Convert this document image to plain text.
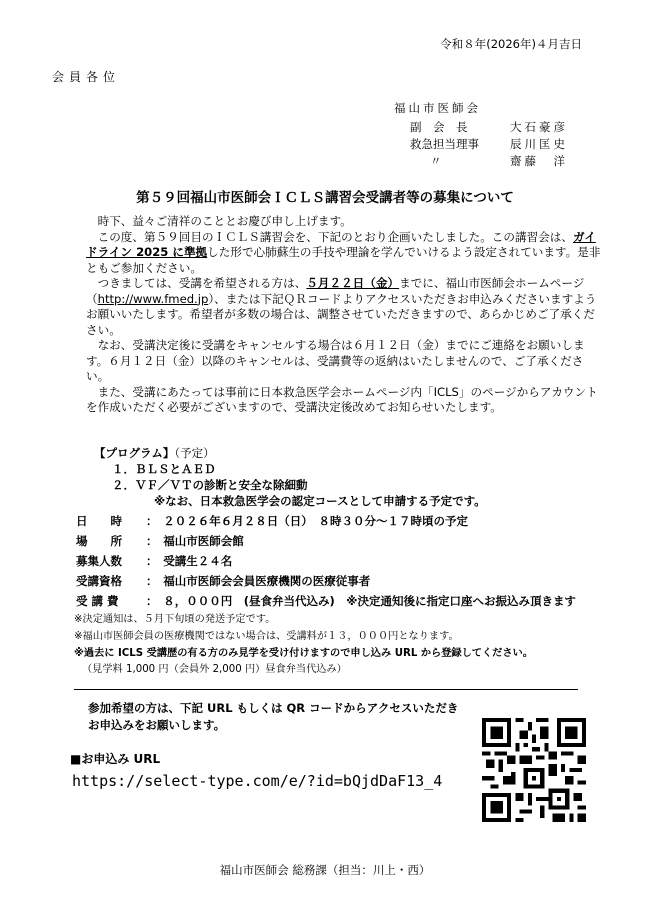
令和８年(2026年)４月吉日
会員各位
福山市医師会
副　会　長	大石豪彦
救急担当理事	辰川匡史
〃	齋藤　洋
第５９回福山市医師会ＩＣＬＳ講習会受講者等の募集について

時下、益々ご清祥のこととお慶び申し上げます。

この度、第５９回目のＩＣＬＳ講習会を、下記のとおり企画いたしました。この講習会は、ガイドライン 2025 に準拠した形で心肺蘇生の手技や理論を学んでいけるよう設定されています。是非ともご参加ください。

つきましては、受講を希望される方は、５月２２日（金）までに、福山市医師会ホームページ（http://www.fmed.jp）、または下記ＱＲコードよりアクセスいただきお申込みくださいますようお願いいたします。希望者が多数の場合は、調整させていただきますので、あらかじめご了承ください。

なお、受講決定後に受講をキャンセルする場合は６月１２日（金）までにご連絡をお願いします。６月１２日（金）以降のキャンセルは、受講費等の返納はいたしませんので、ご了承ください。

また、受講にあたっては事前に日本救急医学会ホームページ内「ICLS」のページからアカウントを作成いただく必要がございますので、受講決定後改めてお知らせいたします。

【プログラム】（予定）
１．ＢＬＳとＡＥＤ
２．ＶＦ／ＶＴの診断と安全な除細動
※なお、日本救急医学会の認定コースとして申請する予定です。
日　　時 ：　２０２６年６月２８日（日）　８時３０分～１７時頃の予定
場　　所 ：　福山市医師会館
募集人数 ：　受講生２４名
受講資格 ：　福山市医師会会員医療機関の医療従事者
受 講 費 ：　８，０００円　(昼食弁当代込み)　※決定通知後に指定口座へお振込み頂きます
※決定通知は、５月下旬頃の発送予定です。
※福山市医師会員の医療機関ではない場合は、受講料が１３，０００円となります。
※過去に ICLS 受講歴の有る方のみ見学を受け付けますので申し込み URL から登録してください。
（見学料 1,000 円（会員外 2,000 円）昼食弁当代込み）
参加希望の方は、下記 URL もしくは QR コードからアクセスいただき
お申込みをお願いします。
■お申込み URL
https://select-type.com/e/?id=bQjdDaF13_4
福山市医師会 総務課（担当：川上・西）
